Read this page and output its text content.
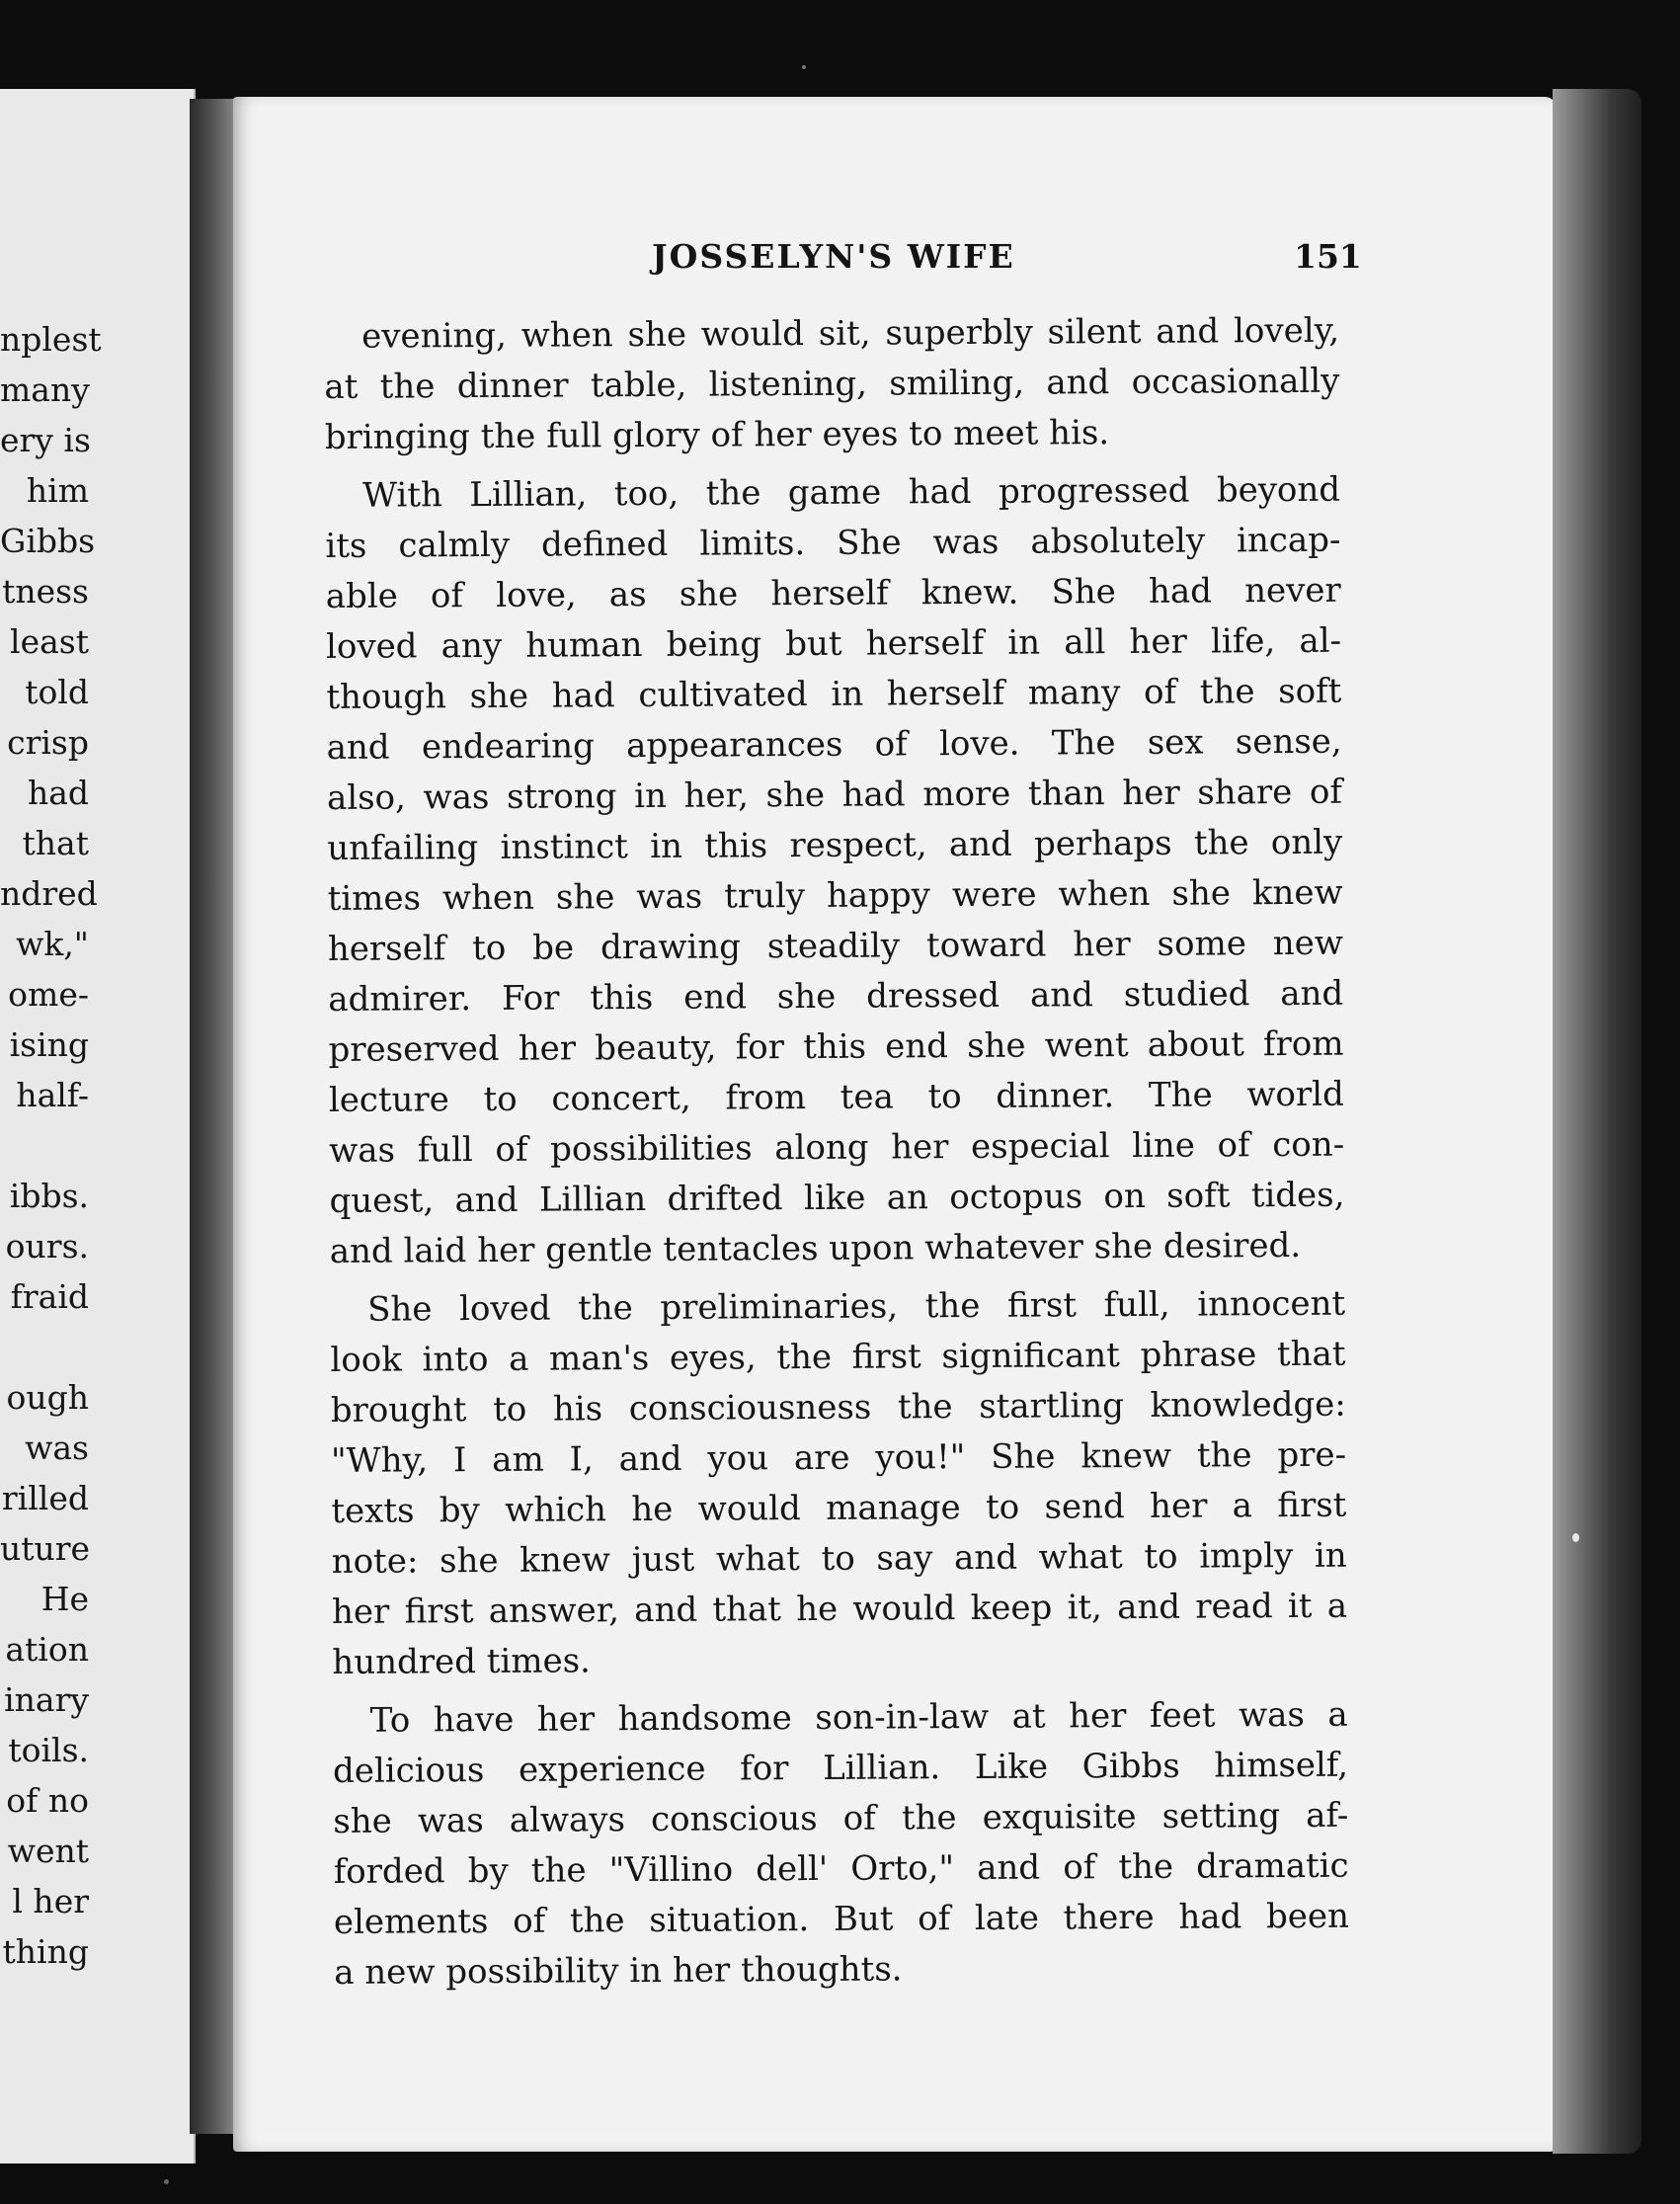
nplest
many
ery is
him
Gibbs
tness
least
told
crisp
had
that
ndred
wk,"
ome-
ising
half-
ibbs.
ours.
fraid
ough
was
rilled
uture
He
ation
inary
toils.
of no
went
l her
thing
JOSSELYN'S WIFE	151
evening, when she would sit, superbly silent and lovely,
at the dinner table, listening, smiling, and occasionally
bringing the full glory of her eyes to meet his.
With Lillian, too, the game had progressed beyond
its calmly defined limits. She was absolutely incap-
able of love, as she herself knew. She had never
loved any human being but herself in all her life, al-
though she had cultivated in herself many of the soft
and endearing appearances of love. The sex sense,
also, was strong in her, she had more than her share of
unfailing instinct in this respect, and perhaps the only
times when she was truly happy were when she knew
herself to be drawing steadily toward her some new
admirer. For this end she dressed and studied and
preserved her beauty, for this end she went about from
lecture to concert, from tea to dinner. The world
was full of possibilities along her especial line of con-
quest, and Lillian drifted like an octopus on soft tides,
and laid her gentle tentacles upon whatever she desired.
She loved the preliminaries, the first full, innocent
look into a man's eyes, the first significant phrase that
brought to his consciousness the startling knowledge:
"Why, I am I, and you are you!" She knew the pre-
texts by which he would manage to send her a first
note: she knew just what to say and what to imply in
her first answer, and that he would keep it, and read it a
hundred times.
To have her handsome son-in-law at her feet was a
delicious experience for Lillian. Like Gibbs himself,
she was always conscious of the exquisite setting af-
forded by the "Villino dell' Orto," and of the dramatic
elements of the situation. But of late there had been
a new possibility in her thoughts.
